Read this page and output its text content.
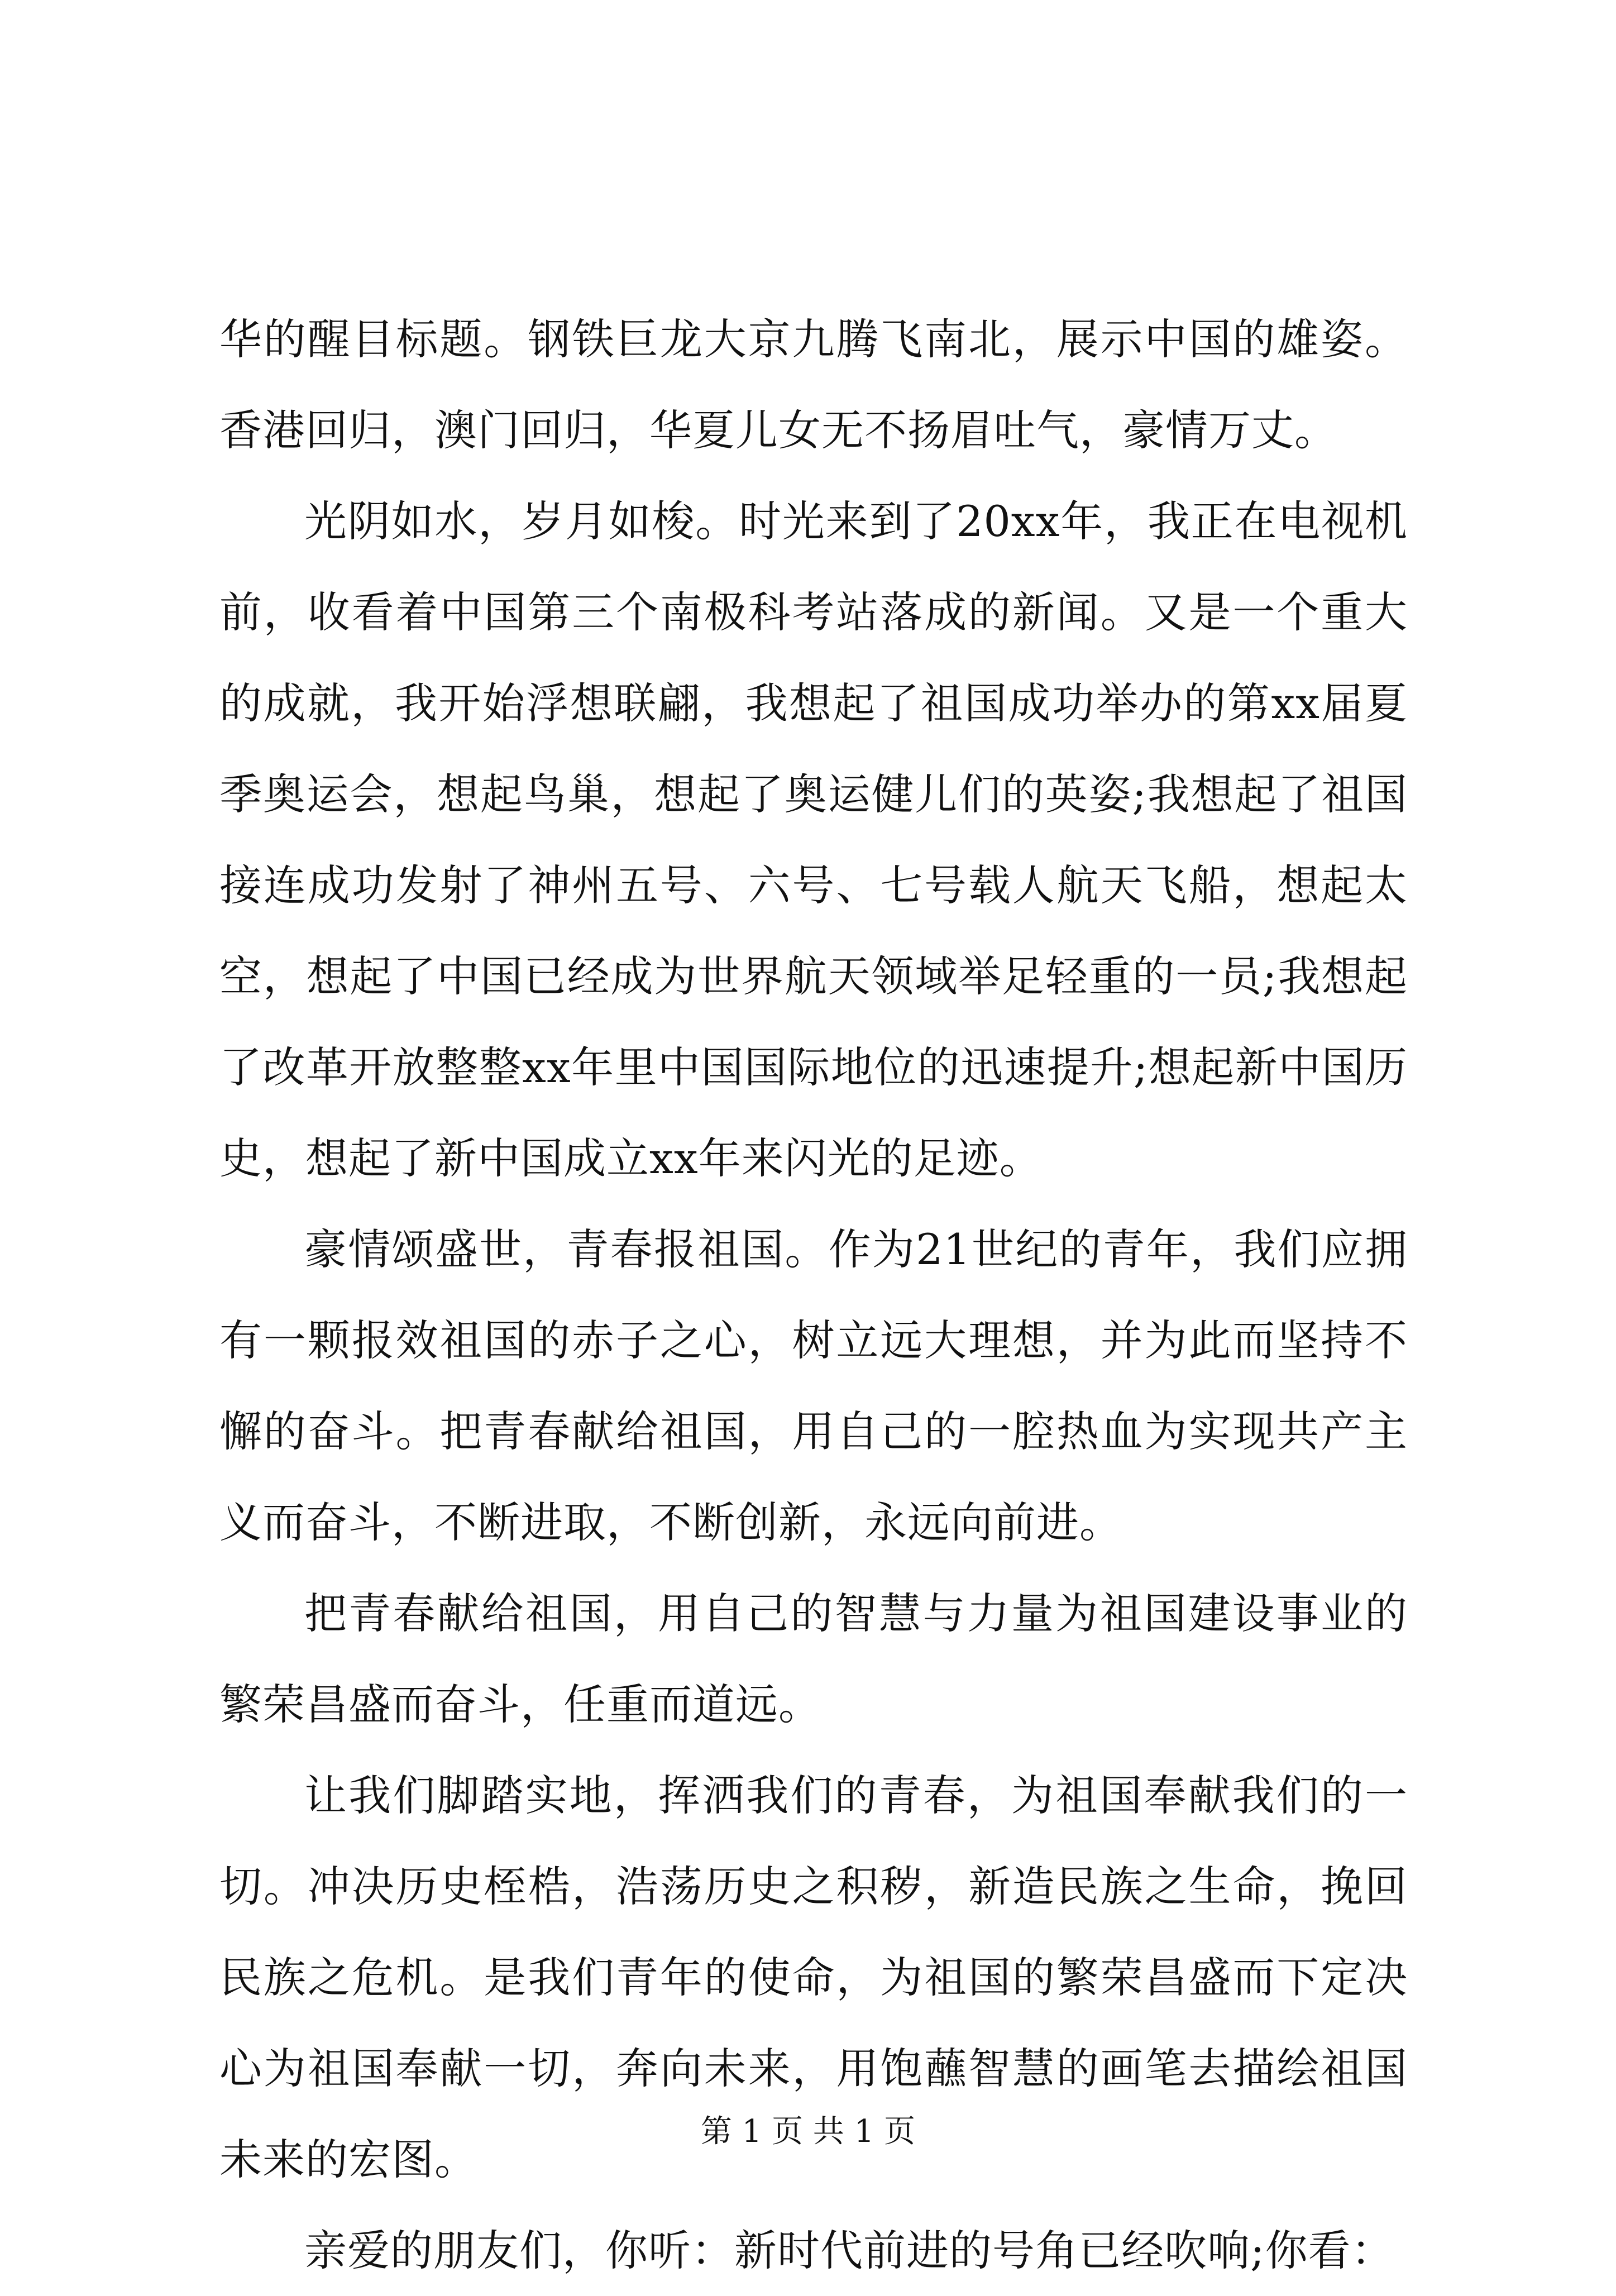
华的醒目标题。钢铁巨龙大京九腾飞南北，展示中国的雄姿。香港回归，澳门回归，华夏儿女无不扬眉吐气，豪情万丈。

光阴如水，岁月如梭。时光来到了20xx年，我正在电视机前，收看着中国第三个南极科考站落成的新闻。又是一个重大的成就，我开始浮想联翩，我想起了祖国成功举办的第xx届夏季奥运会，想起鸟巢，想起了奥运健儿们的英姿;我想起了祖国接连成功发射了神州五号、六号、七号载人航天飞船，想起太空，想起了中国已经成为世界航天领域举足轻重的一员;我想起了改革开放整整xx年里中国国际地位的迅速提升;想起新中国历史，想起了新中国成立xx年来闪光的足迹。

豪情颂盛世，青春报祖国。作为21世纪的青年，我们应拥有一颗报效祖国的赤子之心，树立远大理想，并为此而坚持不懈的奋斗。把青春献给祖国，用自己的一腔热血为实现共产主义而奋斗，不断进取，不断创新，永远向前进。

把青春献给祖国，用自己的智慧与力量为祖国建设事业的繁荣昌盛而奋斗，任重而道远。

让我们脚踏实地，挥洒我们的青春，为祖国奉献我们的一切。冲决历史桎梏，浩荡历史之积秽，新造民族之生命，挽回民族之危机。是我们青年的使命，为祖国的繁荣昌盛而下定决心为祖国奉献一切，奔向未来，用饱蘸智慧的画笔去描绘祖国未来的宏图。

亲爱的朋友们，你听：新时代前进的号角已经吹响;你看：

第 1 页 共 1 页
